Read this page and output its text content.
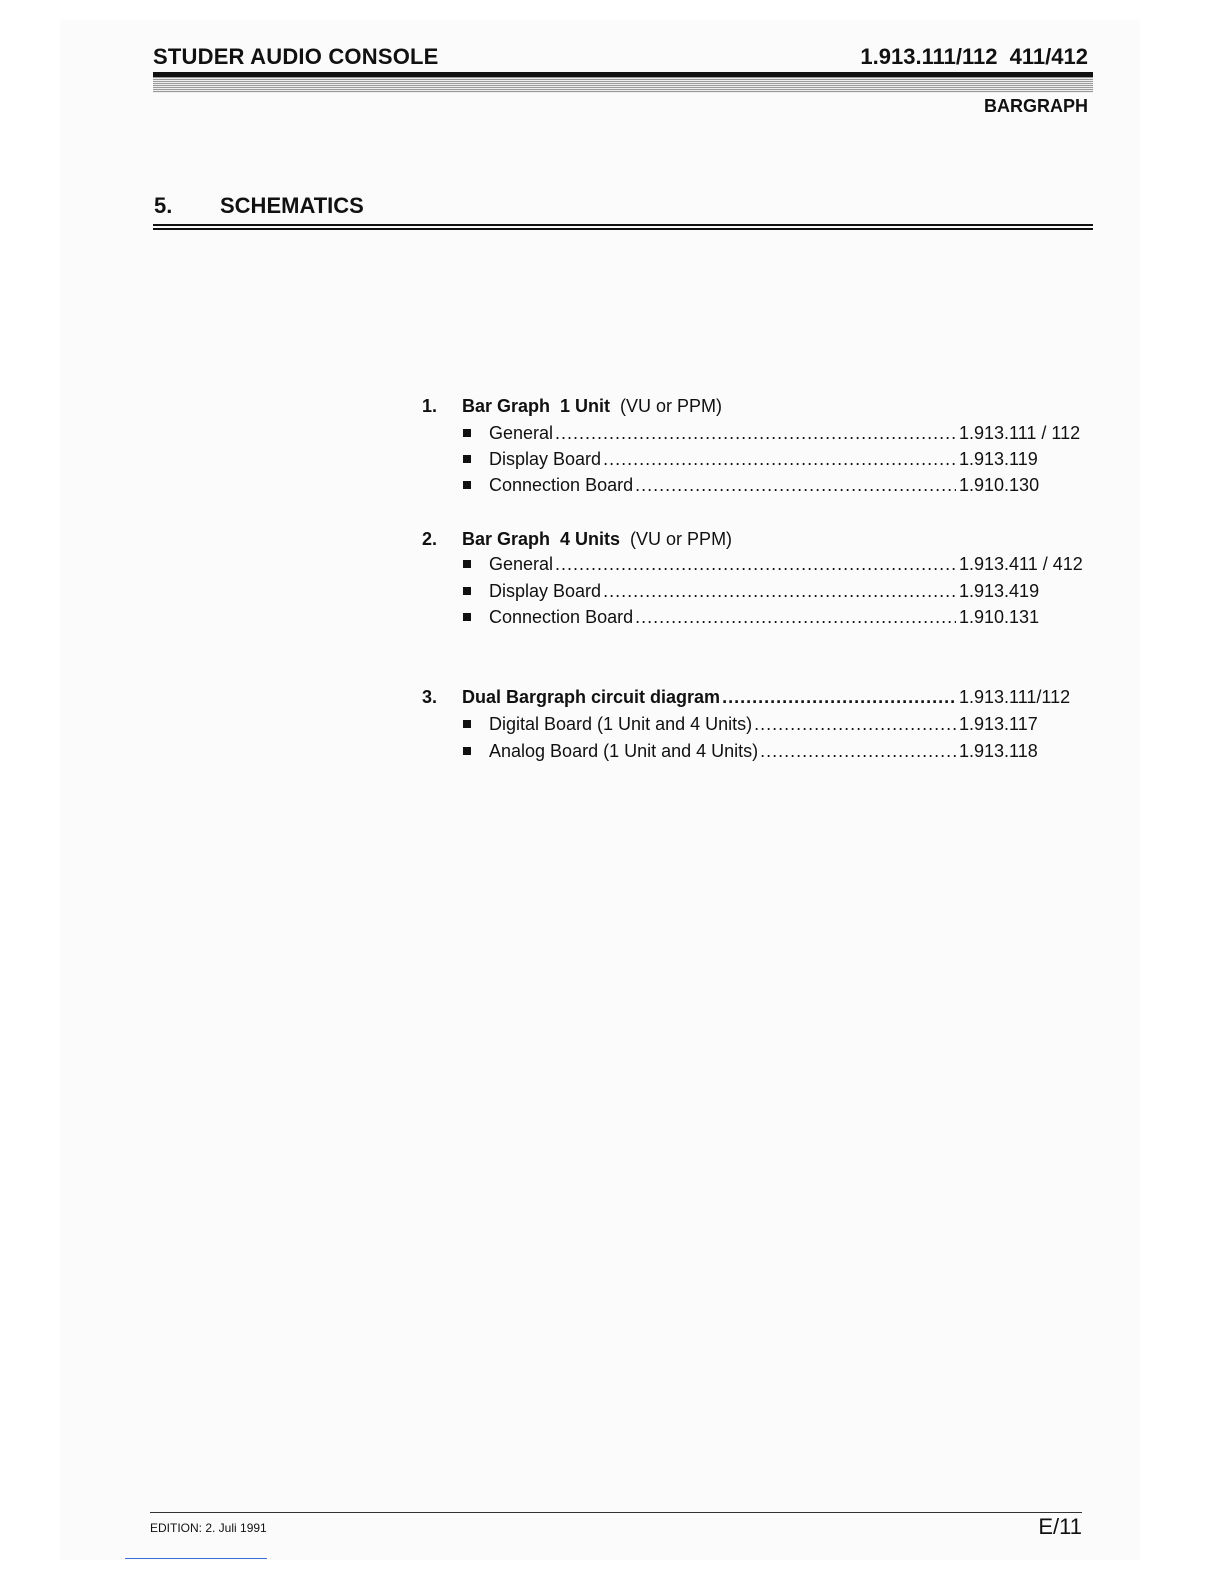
STUDER AUDIO CONSOLE	1.913.111/112  411/412
BARGRAPH
5. SCHEMATICS
1. Bar Graph  1 Unit  (VU or PPM)
General .....	1.913.111 / 112
Display Board .....	1.913.119
Connection Board .....	1.910.130
2. Bar Graph  4 Units  (VU or PPM)
General .....	1.913.411 / 412
Display Board .....	1.913.419
Connection Board .....	1.910.131
3. Dual Bargraph circuit diagram .....	1.913.111/112
Digital Board (1 Unit and 4 Units) .....	1.913.117
Analog Board (1 Unit and 4 Units) .....	1.913.118
EDITION: 2. Juli 1991	E/11
